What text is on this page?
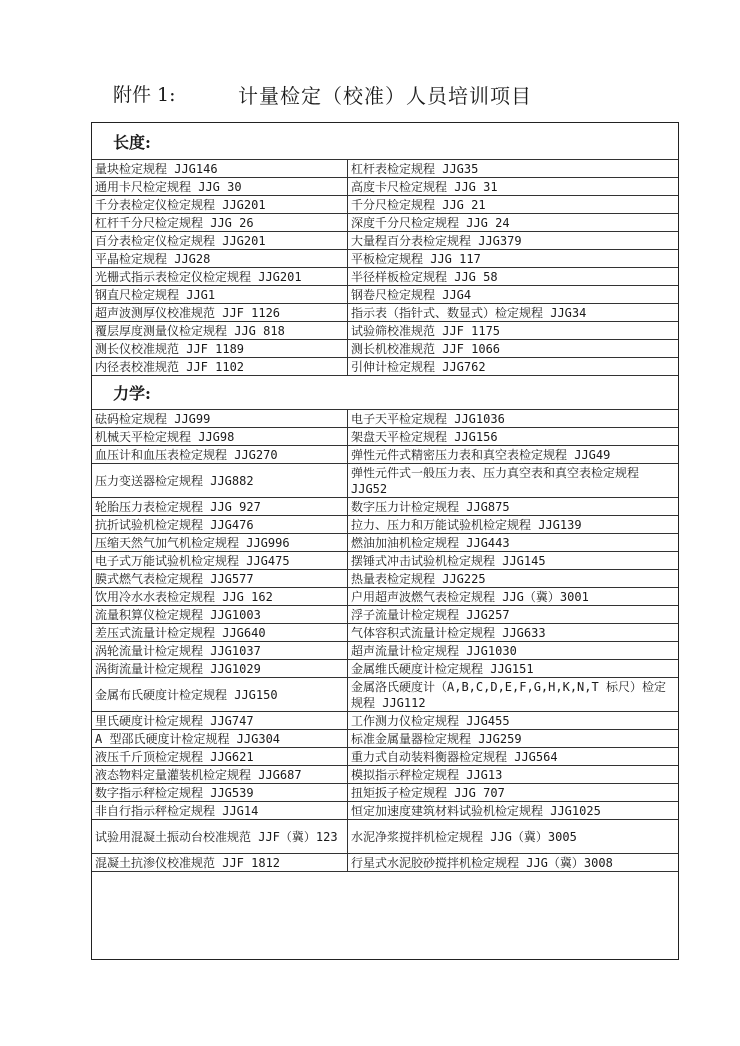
附件 1:	计量检定（校准）人员培训项目
长度:
量块检定规程 JJG146	杠杆表检定规程 JJG35
通用卡尺检定规程 JJG 30	高度卡尺检定规程 JJG 31
千分表检定仪检定规程 JJG201	千分尺检定规程 JJG 21
杠杆千分尺检定规程 JJG 26	深度千分尺检定规程 JJG 24
百分表检定仪检定规程 JJG201	大量程百分表检定规程 JJG379
平晶检定规程 JJG28	平板检定规程 JJG 117
光栅式指示表检定仪检定规程 JJG201	半径样板检定规程 JJG 58
钢直尺检定规程 JJG1	钢卷尺检定规程 JJG4
超声波测厚仪校准规范 JJF 1126	指示表（指针式、数显式）检定规程 JJG34
覆层厚度测量仪检定规程 JJG 818	试验筛校准规范 JJF 1175
测长仪校准规范 JJF 1189	测长机校准规范 JJF 1066
内径表校准规范 JJF 1102	引伸计检定规程 JJG762
力学:
砝码检定规程 JJG99	电子天平检定规程 JJG1036
机械天平检定规程 JJG98	架盘天平检定规程 JJG156
血压计和血压表检定规程 JJG270	弹性元件式精密压力表和真空表检定规程 JJG49
压力变送器检定规程 JJG882	弹性元件式一般压力表、压力真空表和真空表检定规程 JJG52
轮胎压力表检定规程 JJG 927	数字压力计检定规程 JJG875
抗折试验机检定规程 JJG476	拉力、压力和万能试验机检定规程 JJG139
压缩天然气加气机检定规程 JJG996	燃油加油机检定规程 JJG443
电子式万能试验机检定规程 JJG475	摆锤式冲击试验机检定规程 JJG145
膜式燃气表检定规程 JJG577	热量表检定规程 JJG225
饮用冷水水表检定规程 JJG 162	户用超声波燃气表检定规程 JJG（冀）3001
流量积算仪检定规程 JJG1003	浮子流量计检定规程 JJG257
差压式流量计检定规程 JJG640	气体容积式流量计检定规程 JJG633
涡轮流量计检定规程 JJG1037	超声流量计检定规程 JJG1030
涡街流量计检定规程 JJG1029	金属维氏硬度计检定规程 JJG151
金属布氏硬度计检定规程 JJG150	金属洛氏硬度计（A,B,C,D,E,F,G,H,K,N,T 标尺）检定规程 JJG112
里氏硬度计检定规程 JJG747	工作测力仪检定规程 JJG455
A 型邵氏硬度计检定规程 JJG304	标准金属量器检定规程 JJG259
液压千斤顶检定规程 JJG621	重力式自动装料衡器检定规程 JJG564
液态物料定量灌装机检定规程 JJG687	模拟指示秤检定规程 JJG13
数字指示秤检定规程 JJG539	扭矩扳子检定规程 JJG 707
非自行指示秤检定规程 JJG14	恒定加速度建筑材料试验机检定规程 JJG1025
试验用混凝土振动台校准规范 JJF（冀）123	水泥净浆搅拌机检定规程 JJG（冀）3005
混凝土抗渗仪校准规范 JJF 1812	行星式水泥胶砂搅拌机检定规程 JJG（冀）3008
